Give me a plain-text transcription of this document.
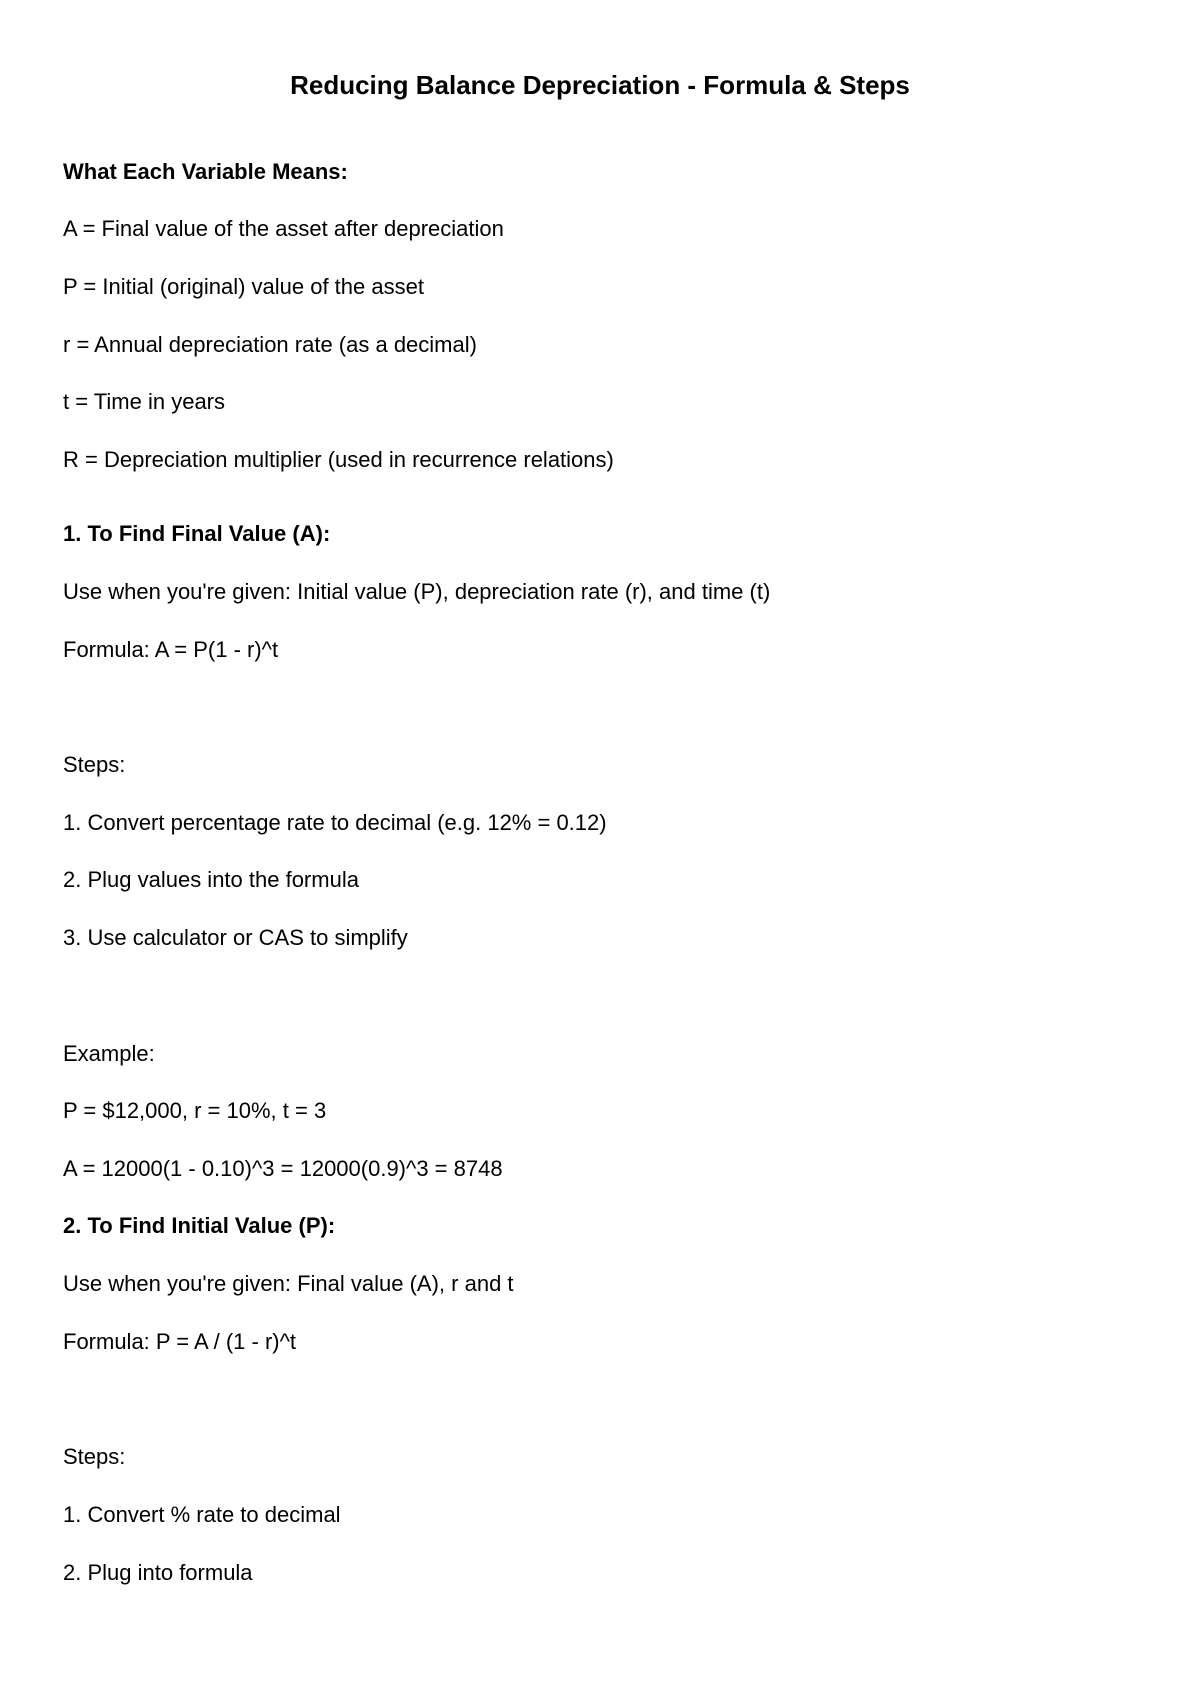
Reducing Balance Depreciation - Formula & Steps
What Each Variable Means:
A = Final value of the asset after depreciation
P = Initial (original) value of the asset
r = Annual depreciation rate (as a decimal)
t = Time in years
R = Depreciation multiplier (used in recurrence relations)
1. To Find Final Value (A):
Use when you're given: Initial value (P), depreciation rate (r), and time (t)
Formula: A = P(1 - r)^t
Steps:
1. Convert percentage rate to decimal (e.g. 12% = 0.12)
2. Plug values into the formula
3. Use calculator or CAS to simplify
Example:
P = $12,000, r = 10%, t = 3
A = 12000(1 - 0.10)^3 = 12000(0.9)^3 = 8748
2. To Find Initial Value (P):
Use when you're given: Final value (A), r and t
Formula: P = A / (1 - r)^t
Steps:
1. Convert % rate to decimal
2. Plug into formula
